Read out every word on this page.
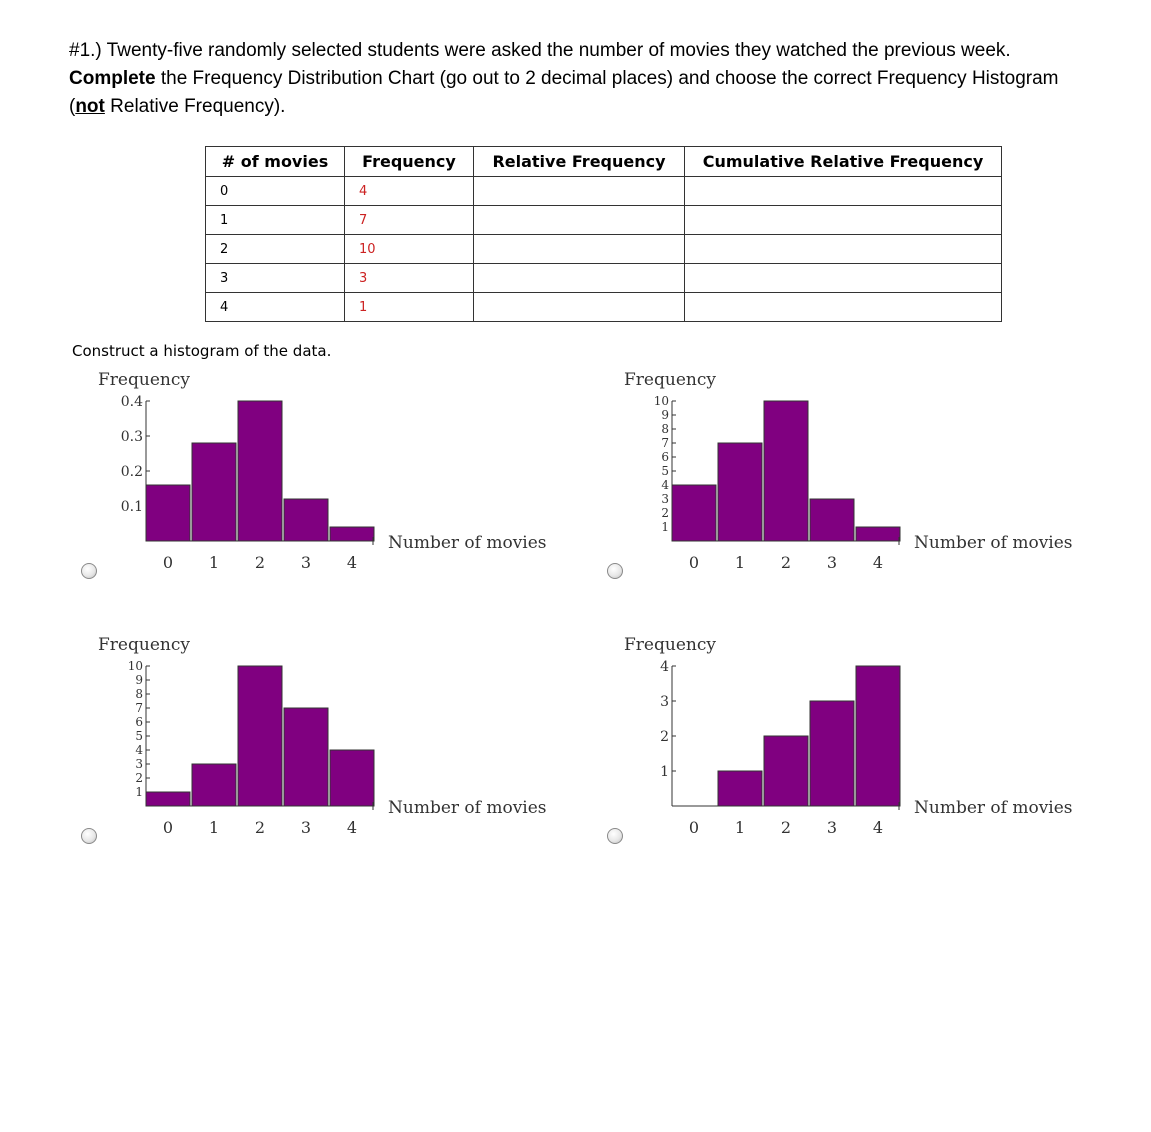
#1.) Twenty-five randomly selected students were asked the number of movies they watched the previous week. Complete the Frequency Distribution Chart (go out to 2 decimal places) and choose the correct Frequency Histogram (not Relative Frequency).
# of movies	Frequency	Relative Frequency	Cumulative Relative Frequency
0	4		
1	7		
2	10		
3	3		
4	1		
Construct a histogram of the data.
Frequency
0.1
0.2
0.3
0.4
Number of movies
0 1 2 3 4
Frequency
1
2
3
4
5
6
7
8
9
10
Number of movies
0 1 2 3 4
Frequency
1
2
3
4
5
6
7
8
9
10
Number of movies
0 1 2 3 4
Frequency
1
2
3
4
Number of movies
0 1 2 3 4
